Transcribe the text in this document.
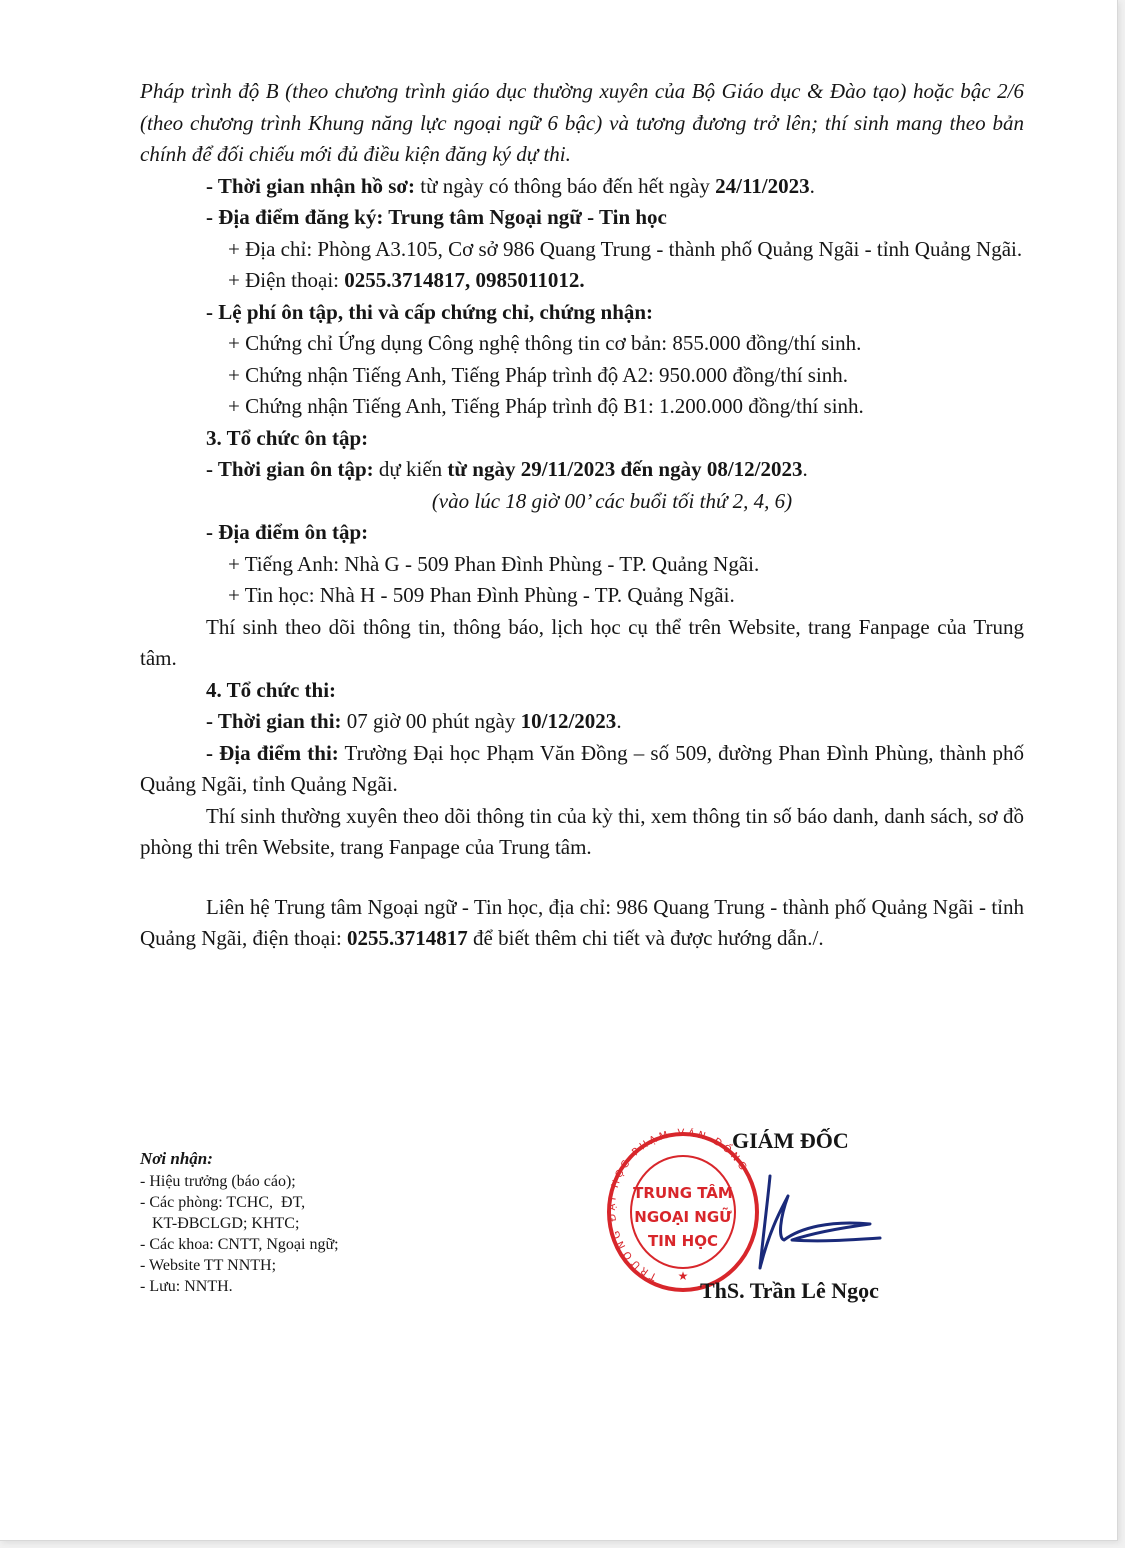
Pháp trình độ B (theo chương trình giáo dục thường xuyên của Bộ Giáo dục & Đào tạo) hoặc bậc 2/6 (theo chương trình Khung năng lực ngoại ngữ 6 bậc) và tương đương trở lên; thí sinh mang theo bản chính để đối chiếu mới đủ điều kiện đăng ký dự thi.

- Thời gian nhận hồ sơ: từ ngày có thông báo đến hết ngày 24/11/2023.

- Địa điểm đăng ký: Trung tâm Ngoại ngữ - Tin học

+ Địa chỉ: Phòng A3.105, Cơ sở 986 Quang Trung - thành phố Quảng Ngãi - tỉnh Quảng Ngãi.

+ Điện thoại: 0255.3714817, 0985011012.

- Lệ phí ôn tập, thi và cấp chứng chỉ, chứng nhận:

+ Chứng chỉ Ứng dụng Công nghệ thông tin cơ bản: 855.000 đồng/thí sinh.

+ Chứng nhận Tiếng Anh, Tiếng Pháp trình độ A2: 950.000 đồng/thí sinh.

+ Chứng nhận Tiếng Anh, Tiếng Pháp trình độ B1: 1.200.000 đồng/thí sinh.

3. Tổ chức ôn tập:

- Thời gian ôn tập: dự kiến từ ngày 29/11/2023 đến ngày 08/12/2023.

(vào lúc 18 giờ 00’ các buổi tối thứ 2, 4, 6)

- Địa điểm ôn tập:

+ Tiếng Anh: Nhà G - 509 Phan Đình Phùng - TP. Quảng Ngãi.

+ Tin học: Nhà H - 509 Phan Đình Phùng - TP. Quảng Ngãi.

Thí sinh theo dõi thông tin, thông báo, lịch học cụ thể trên Website, trang Fanpage của Trung tâm.

4. Tổ chức thi:

- Thời gian thi: 07 giờ 00 phút ngày 10/12/2023.

- Địa điểm thi: Trường Đại học Phạm Văn Đồng – số 509, đường Phan Đình Phùng, thành phố Quảng Ngãi, tỉnh Quảng Ngãi.

Thí sinh thường xuyên theo dõi thông tin của kỳ thi, xem thông tin số báo danh, danh sách, sơ đồ phòng thi trên Website, trang Fanpage của Trung tâm.

Liên hệ Trung tâm Ngoại ngữ - Tin học, địa chỉ: 986 Quang Trung - thành phố Quảng Ngãi - tỉnh Quảng Ngãi, điện thoại: 0255.3714817 để biết thêm chi tiết và được hướng dẫn./.

Nơi nhận:
- Hiệu trưởng (báo cáo);
- Các phòng: TCHC,  ĐT,
KT-ĐBCLGD; KHTC;
- Các khoa: CNTT, Ngoại ngữ;
- Website TT NNTH;
- Lưu: NNTH.
GIÁM ĐỐC
TRƯỜNG ĐẠI HỌC PHẠM VĂN ĐỒNG
TRUNG TÂM
NGOẠI NGỮ
TIN HỌC
★
ThS. Trần Lê Ngọc
